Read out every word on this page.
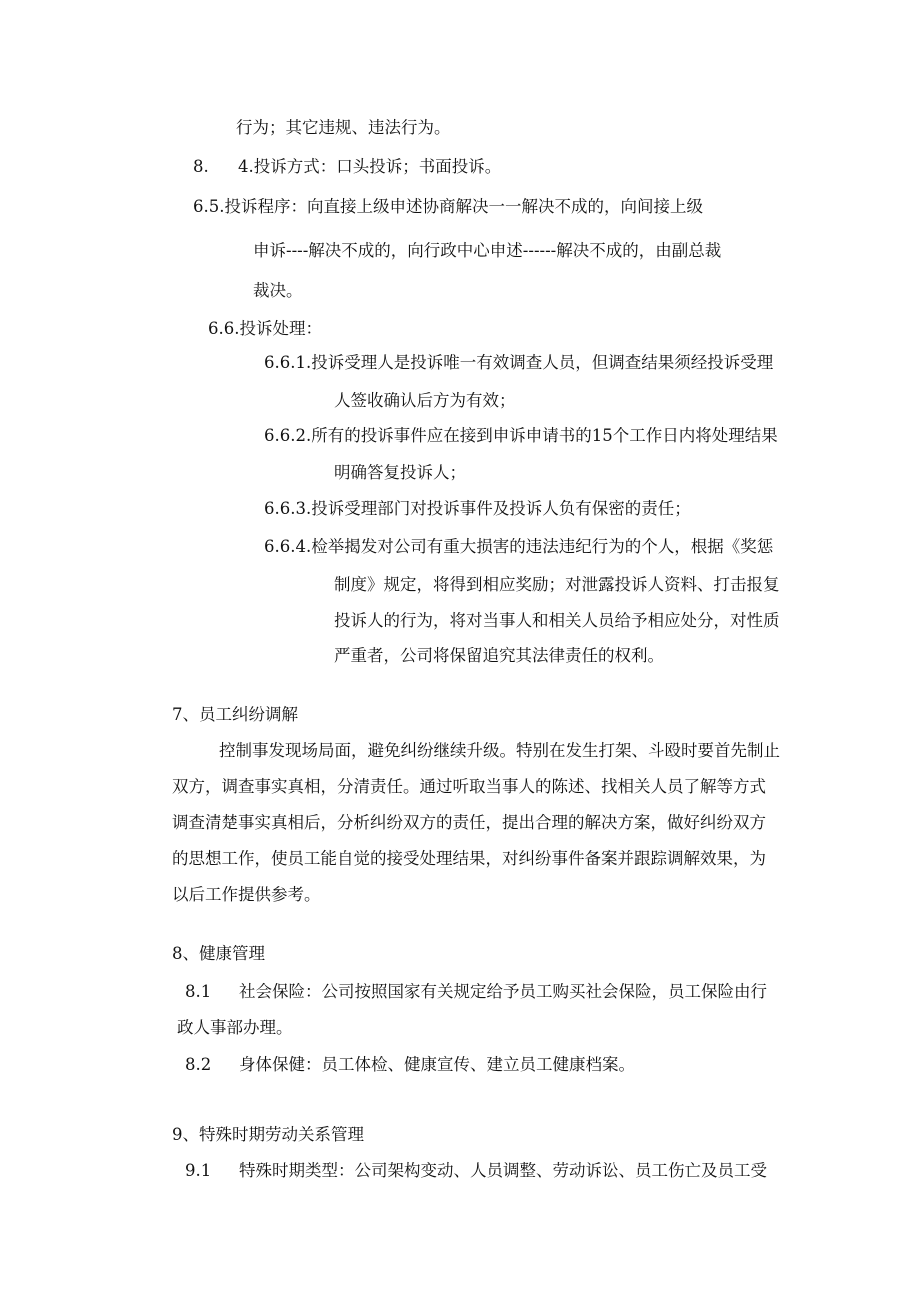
行为；其它违规、违法行为。
8. 4.投诉方式：口头投诉；书面投诉。
6.5.投诉程序：向直接上级申述协商解决一一解决不成的，向间接上级
申诉----解决不成的，向行政中心申述------解决不成的，由副总裁
裁决。
6.6.投诉处理：
6.6.1.投诉受理人是投诉唯一有效调查人员，但调查结果须经投诉受理
人签收确认后方为有效；
6.6.2.所有的投诉事件应在接到申诉申请书的15个工作日内将处理结果
明确答复投诉人；
6.6.3.投诉受理部门对投诉事件及投诉人负有保密的责任；
6.6.4.检举揭发对公司有重大损害的违法违纪行为的个人，根据《奖惩
制度》规定，将得到相应奖励；对泄露投诉人资料、打击报复
投诉人的行为，将对当事人和相关人员给予相应处分，对性质
严重者，公司将保留追究其法律责任的权利。
7、员工纠纷调解
控制事发现场局面，避免纠纷继续升级。特别在发生打架、斗殴时要首先制止
双方，调查事实真相，分清责任。通过听取当事人的陈述、找相关人员了解等方式
调查清楚事实真相后，分析纠纷双方的责任，提出合理的解决方案，做好纠纷双方
的思想工作，使员工能自觉的接受处理结果，对纠纷事件备案并跟踪调解效果，为
以后工作提供参考。
8、健康管理
8.1 社会保险：公司按照国家有关规定给予员工购买社会保险，员工保险由行
政人事部办理。
8.2 身体保健：员工体检、健康宣传、建立员工健康档案。
9、特殊时期劳动关系管理
9.1 特殊时期类型：公司架构变动、人员调整、劳动诉讼、员工伤亡及员工受
